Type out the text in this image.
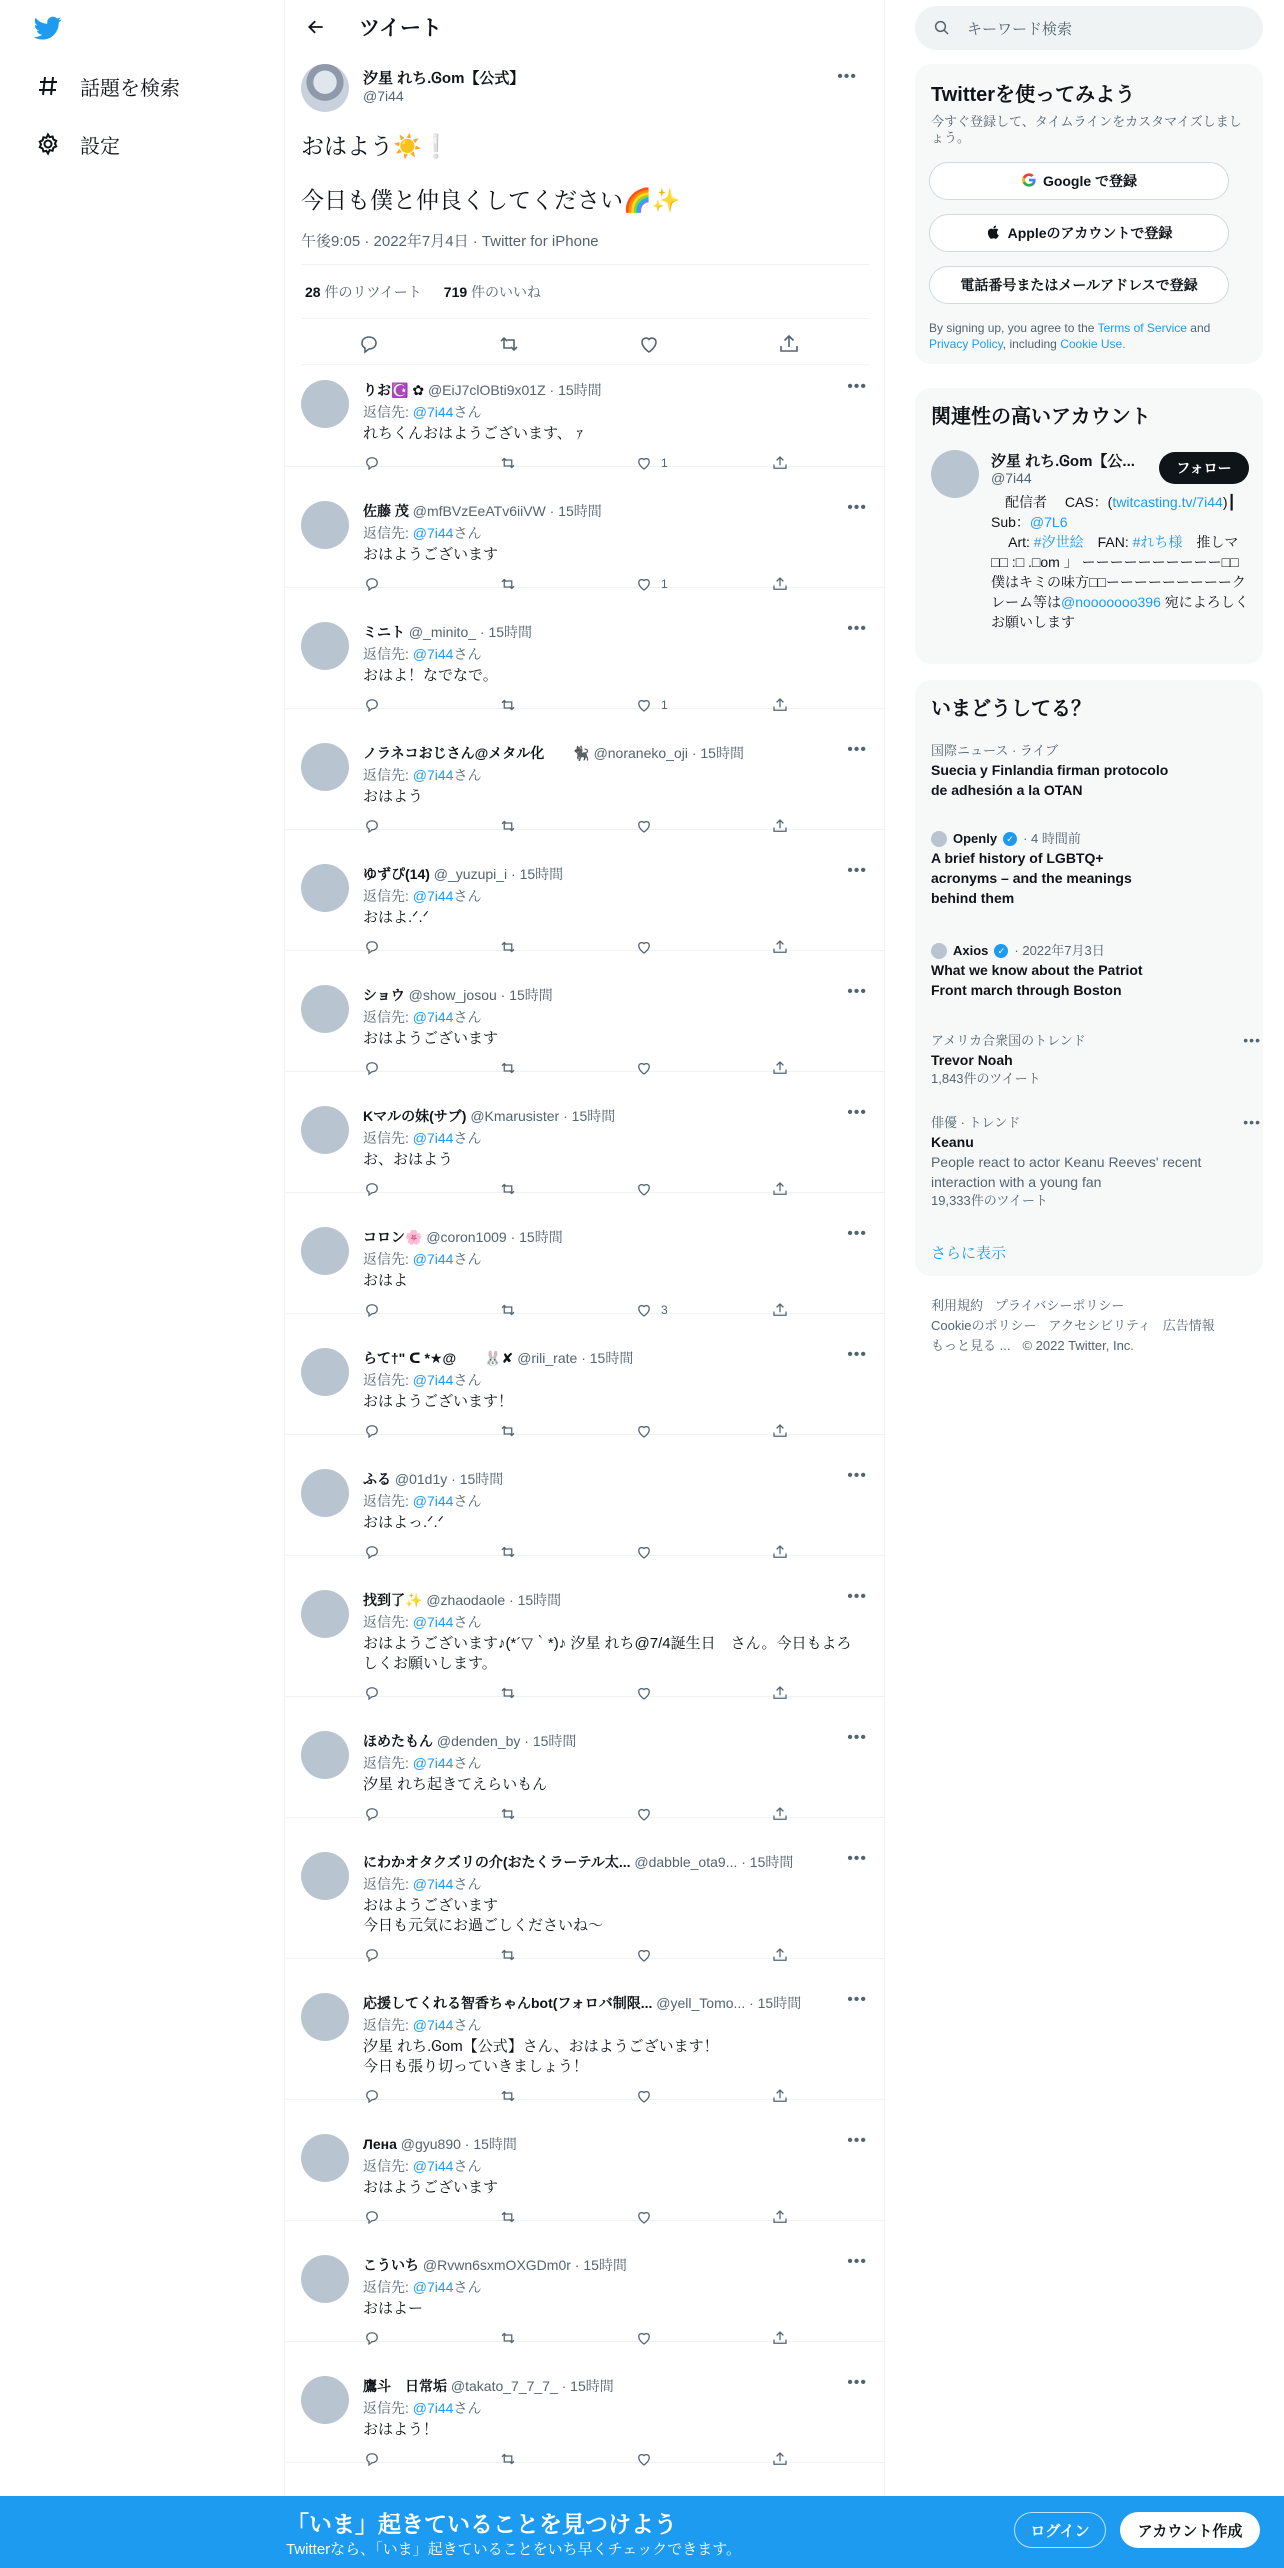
話題を検索
設定
ツイート
汐星 れち.Ꮆom【公式】
@7i44
•••
おはよう☀️❕
今日も僕と仲良くしてください🌈✨
午後9:05 · 2022年7月4日 · Twitter for iPhone
28 件のリツイート 719 件のいいね
りお☪️ ✿ @EiJ7clOBti9x01Z · 15時間	•••
返信先: @7i44さん
れちくんおはようございます、 ｧ
1
佐藤 茂 @mfBVzEeATv6iiVW · 15時間	•••
返信先: @7i44さん
おはようございます
1
ミニト @_minito_ · 15時間	•••
返信先: @7i44さん
おはよ！なでなで。
1
ノラネコおじさん@メタル化　　🐈‍⬛ @noraneko_oji · 15時間	•••
返信先: @7i44さん
おはよう
ゆずぴ(14) @_yuzupi_i · 15時間	•••
返信先: @7i44さん
おはよ.ᐟ.ᐟ
ショウ @show_josou · 15時間	•••
返信先: @7i44さん
おはようございます
Kマルの妹(サブ) @Kmarusister · 15時間	•••
返信先: @7i44さん
お、おはよう
コロン🌸 @coron1009 · 15時間	•••
返信先: @7i44さん
おはよ
3
らて†" ᑕ *★@　　🐰✘ @rili_rate · 15時間	•••
返信先: @7i44さん
おはようございます！
ふる @01d1y · 15時間	•••
返信先: @7i44さん
おはよっ.ᐟ.ᐟ
找到了✨ @zhaodaole · 15時間	•••
返信先: @7i44さん
おはようございます♪(*´▽｀*)♪ 汐星 れち@7/4誕生日　さん。今日もよろしくお願いします。
ほめたもん @denden_by · 15時間	•••
返信先: @7i44さん
汐星 れち起きてえらいもん
にわかオタクズリの介(おたくラーテル太... @dabble_ota9... · 15時間	•••
返信先: @7i44さん
おはようございます
今日も元気にお過ごしくださいね〜
応援してくれる智香ちゃんbot(フォロバ制限... @yell_Tomo... · 15時間	•••
返信先: @7i44さん
汐星 れち.Ꮆom【公式】さん、おはようございます！
今日も張り切っていきましょう！
Лена @gyu890 · 15時間	•••
返信先: @7i44さん
おはようございます
こういち @Rvwn6sxmOXGDm0r · 15時間	•••
返信先: @7i44さん
おはよー
鷹斗　日常垢 @takato_7_7_7_ · 15時間	•••
返信先: @7i44さん
おはよう！
キーワード検索
Twitterを使ってみよう
今すぐ登録して、タイムラインをカスタマイズしましょう。
Google で登録
Appleのアカウントで登録
電話番号またはメールアドレスで登録
By signing up, you agree to the Terms of Service and Privacy Policy, including Cookie Use.
関連性の高いアカウント
汐星 れち.Ꮆom【公...
@7i44
フォロー
　配信者　 CAS：(twitcasting.tv/7i44)┃ Sub：@7L6
　 Art: #汐世絵　FAN: #れち様　推しマ□□ :□ .□om 」 ーーーーーーーーーー□□僕はキミの味方□□ーーーーーーーーークレーム等は@nooooooo396 宛によろしくお願いします
いまどうしてる？
国際ニュース · ライブ
Suecia y Finlandia firman protocolo de adhesión a la OTAN
Openly	✓ · 4 時間前
A brief history of LGBTQ+ acronyms – and the meanings behind them
Axios	✓ · 2022年7月3日
What we know about the Patriot Front march through Boston
アメリカ合衆国のトレンド	•••
Trevor Noah
1,843件のツイート
俳優 · トレンド	•••
Keanu
People react to actor Keanu Reeves' recent interaction with a young fan
19,333件のツイート
さらに表示
利用規約 プライバシーポリシー
Cookieのポリシー アクセシビリティ 広告情報
もっと見る ... © 2022 Twitter, Inc.
「いま」起きていることを見つけよう
Twitterなら、「いま」起きていることをいち早くチェックできます。
ログイン	アカウント作成
